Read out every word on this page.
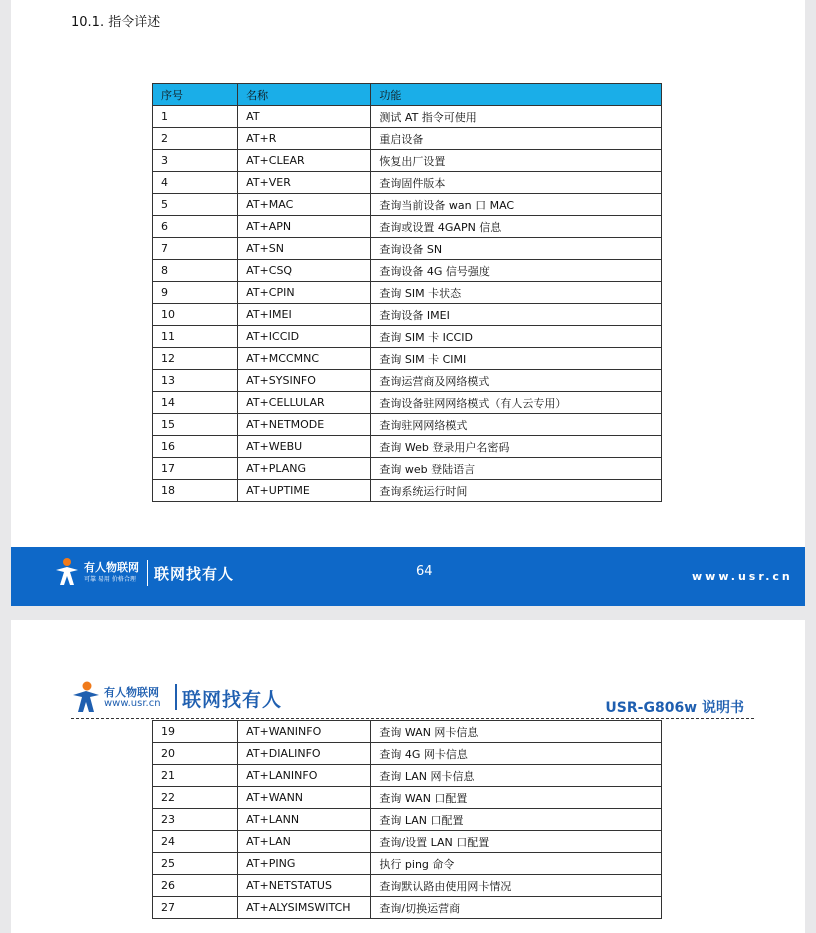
10.1. 指令详述
序号	名称	功能
1	AT	测试 AT 指令可使用
2	AT+R	重启设备
3	AT+CLEAR	恢复出厂设置
4	AT+VER	查询固件版本
5	AT+MAC	查询当前设备 wan 口 MAC
6	AT+APN	查询或设置 4GAPN 信息
7	AT+SN	查询设备 SN
8	AT+CSQ	查询设备 4G 信号强度
9	AT+CPIN	查询 SIM 卡状态
10	AT+IMEI	查询设备 IMEI
11	AT+ICCID	查询 SIM 卡 ICCID
12	AT+MCCMNC	查询 SIM 卡 CIMI
13	AT+SYSINFO	查询运营商及网络模式
14	AT+CELLULAR	查询设备驻网网络模式（有人云专用）
15	AT+NETMODE	查询驻网网络模式
16	AT+WEBU	查询 Web 登录用户名密码
17	AT+PLANG	查询 web 登陆语言
18	AT+UPTIME	查询系统运行时间
有人物联网
可靠 易用 价格合理 联网找有人	64	www.usr.cn
有人物联网
www.usr.cn 联网找有人	USR-G806w 说明书
19	AT+WANINFO	查询 WAN 网卡信息
20	AT+DIALINFO	查询 4G 网卡信息
21	AT+LANINFO	查询 LAN 网卡信息
22	AT+WANN	查询 WAN 口配置
23	AT+LANN	查询 LAN 口配置
24	AT+LAN	查询/设置 LAN 口配置
25	AT+PING	执行 ping 命令
26	AT+NETSTATUS	查询默认路由使用网卡情况
27	AT+ALYSIMSWITCH	查询/切换运营商
